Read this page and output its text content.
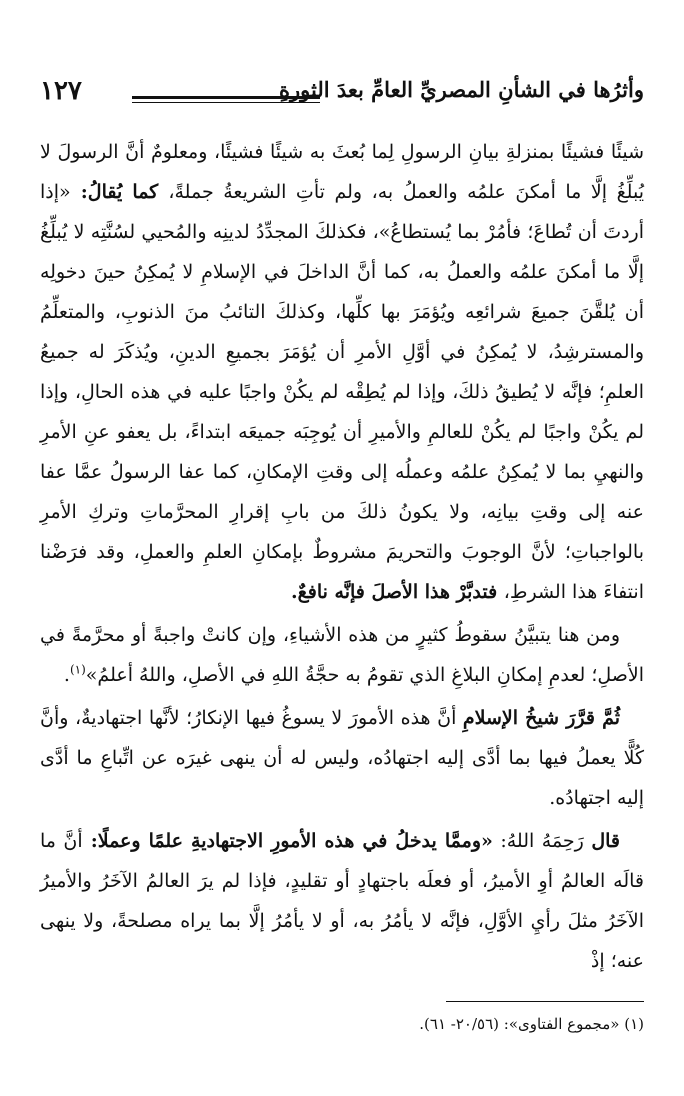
وأثرُها في الشأنِ المصريِّ العامِّ بعدَ الثورةِ
١٢٧

شيئًا فشيئًا بمنزلةِ بيانِ الرسولِ لِما بُعثَ به شيئًا فشيئًا، ومعلومٌ أنَّ الرسولَ لا يُبلِّغُ إلَّا ما أمكنَ علمُه والعملُ به، ولم تأتِ الشريعةُ جملةً، كما يُقالُ: «إذا أردتَ أن تُطاعَ؛ فأمُرْ بما يُستطاعُ»، فكذلكَ المجدِّدُ لدينِه والمُحيي لسُنَّتِه لا يُبلِّغُ إلَّا ما أمكنَ علمُه والعملُ به، كما أنَّ الداخلَ في الإسلامِ لا يُمكِنُ حينَ دخولِه أن يُلقَّنَ جميعَ شرائعِه ويُؤمَرَ بها كلِّها، وكذلكَ التائبُ منَ الذنوبِ، والمتعلِّمُ والمسترشِدُ، لا يُمكِنُ في أوَّلِ الأمرِ أن يُؤمَرَ بجميعِ الدينِ، ويُذكَرَ له جميعُ العلمِ؛ فإنَّه لا يُطيقُ ذلكَ، وإذا لم يُطِقْه لم يكُنْ واجبًا عليه في هذه الحالِ، وإذا لم يكُنْ واجبًا لم يكُنْ للعالمِ والأميرِ أن يُوجِبَه جميعَه ابتداءً، بل يعفو عنِ الأمرِ والنهيِ بما لا يُمكِنُ علمُه وعملُه إلى وقتِ الإمكانِ، كما عفا الرسولُ عمَّا عفا عنه إلى وقتِ بيانِه، ولا يكونُ ذلكَ من بابِ إقرارِ المحرَّماتِ وتركِ الأمرِ بالواجباتِ؛ لأنَّ الوجوبَ والتحريمَ مشروطٌ بإمكانِ العلمِ والعملِ، وقد فرَضْنا انتفاءَ هذا الشرطِ، فتدبَّرْ هذا الأصلَ فإنَّه نافعٌ.

ومن هنا يتبيَّنُ سقوطُ كثيرٍ من هذه الأشياءِ، وإن كانتْ واجبةً أو محرَّمةً في الأصلِ؛ لعدمِ إمكانِ البلاغِ الذي تقومُ به حجَّةُ اللهِ في الأصلِ، واللهُ أعلمُ»$^{(١)}$.

ثُمَّ قرَّرَ شيخُ الإسلامِ أنَّ هذه الأمورَ لا يسوغُ فيها الإنكارُ؛ لأنَّها اجتهاديةٌ، وأنَّ كُلًّا يعملُ فيها بما أدَّى إليه اجتهادُه، وليس له أن ينهى غيرَه عن اتِّباعِ ما أدَّى إليه اجتهادُه.

قال رَحِمَهُ اللهُ: «وممَّا يدخلُ في هذه الأمورِ الاجتهاديةِ علمًا وعملًا: أنَّ ما قالَه العالمُ أوِ الأميرُ، أو فعلَه باجتهادٍ أو تقليدٍ، فإذا لم يرَ العالمُ الآخَرُ والأميرُ الآخَرُ مثلَ رأيِ الأوَّلِ، فإنَّه لا يأمُرُ به، أو لا يأمُرُ إلَّا بما يراه مصلحةً، ولا ينهى عنه؛ إذْ

(١) «مجموع الفتاوى»: (٢٠/٥٦- ٦١).
